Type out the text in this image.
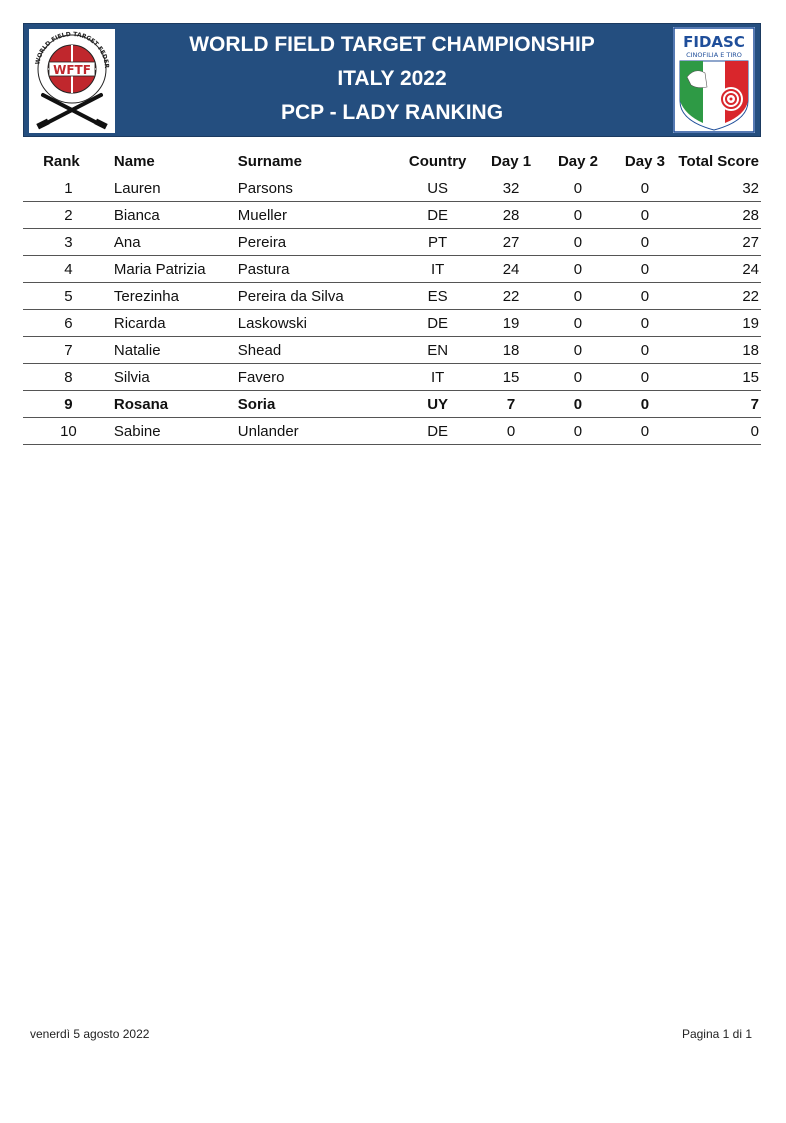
WFTF
WORLD FIELD TARGET FEDER
WORLD FIELD TARGET CHAMPIONSHIP
ITALY 2022
PCP - LADY RANKING
FIDASC
CINOFILIA E TIRO
Rank	Name	Surname	Country	Day 1	Day 2	Day 3	Total Score
1	Lauren	Parsons	US	32	0	0	32
2	Bianca	Mueller	DE	28	0	0	28
3	Ana	Pereira	PT	27	0	0	27
4	Maria Patrizia	Pastura	IT	24	0	0	24
5	Terezinha	Pereira da Silva	ES	22	0	0	22
6	Ricarda	Laskowski	DE	19	0	0	19
7	Natalie	Shead	EN	18	0	0	18
8	Silvia	Favero	IT	15	0	0	15
9	Rosana	Soria	UY	7	0	0	7
10	Sabine	Unlander	DE	0	0	0	0
venerdì 5 agosto 2022	Pagina 1 di 1
